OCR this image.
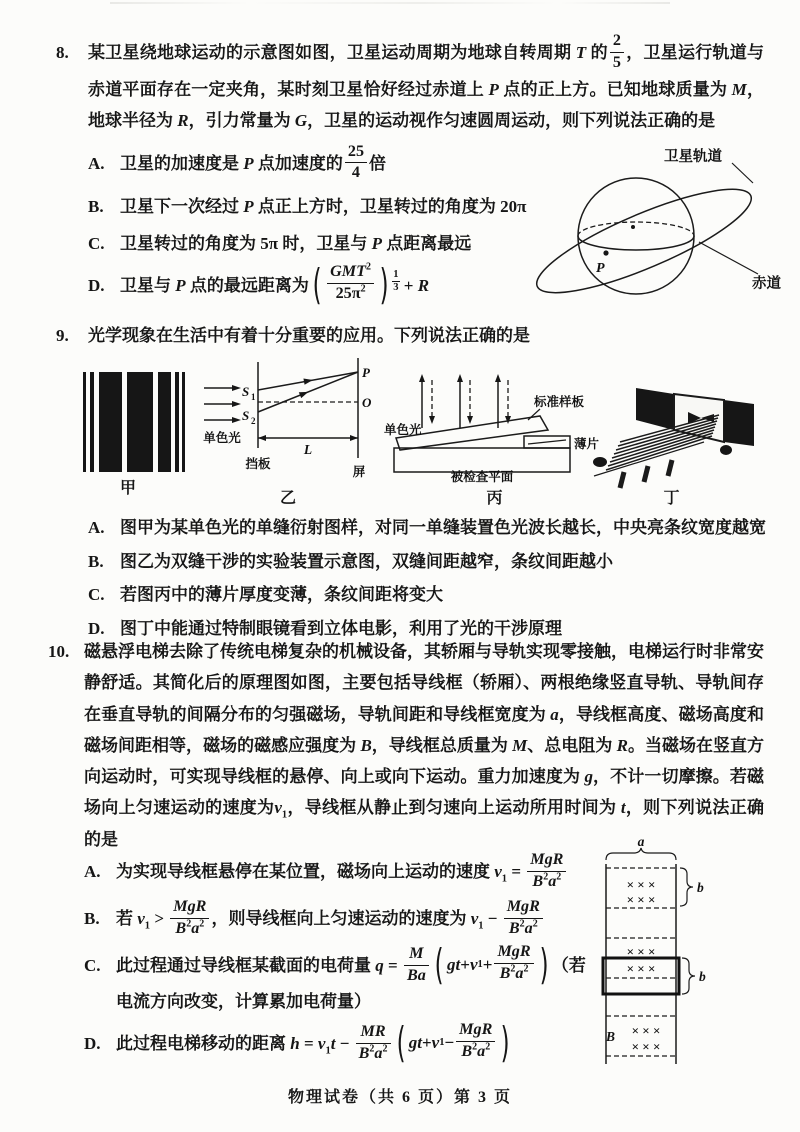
8.	某卫星绕地球运动的示意图如图，卫星运动周期为地球自转周期 T 的 $\frac{2}{5}$ ，卫星运行轨道与赤道平面存在一定夹角，某时刻卫星恰好经过赤道上 P 点的正上方。已知地球质量为 M，地球半径为 R，引力常量为 G，卫星的运动视作匀速圆周运动，则下列说法正确的是
A. 卫星的加速度是 P 点加速度的 $\frac{25}{4}$ 倍
B. 卫星下一次经过 P 点正上方时，卫星转过的角度为 20π
C. 卫星转过的角度为 5π 时，卫星与 P 点距离最远
D. 卫星与 P 点的最远距离为 ( $\frac{GMT^2}{25\pi^2}$ ) $^{\frac{1}{3}}$ + R
P
卫星轨道
赤道
9.	光学现象在生活中有着十分重要的应用。下列说法正确的是
甲
单色光
S 1
S 2
P
O
L
挡板
屏
乙
单色光
标准样板
薄片
被检查平面
丙	丁
A. 图甲为某单色光的单缝衍射图样，对同一单缝装置色光波长越长，中央亮条纹宽度越宽
B. 图乙为双缝干涉的实验装置示意图，双缝间距越窄，条纹间距越小
C. 若图丙中的薄片厚度变薄，条纹间距将变大
D. 图丁中能通过特制眼镜看到立体电影，利用了光的干涉原理
10. 磁悬浮电梯去除了传统电梯复杂的机械设备，其轿厢与导轨实现零接触，电梯运行时非常安静舒适。其简化后的原理图如图，主要包括导线框（轿厢）、两根绝缘竖直导轨、导轨间存在垂直导轨的间隔分布的匀强磁场，导轨间距和导线框宽度为 a，导线框高度、磁场高度和磁场间距相等，磁场的磁感应强度为 B，导线框总质量为 M、总电阻为 R。当磁场在竖直方向运动时，可实现导线框的悬停、向上或向下运动。重力加速度为 g，不计一切摩擦。若磁场向上匀速运动的速度为$v_1$，导线框从静止到匀速向上运动所用时间为 t，则下列说法正确的是
A. 为实现导线框悬停在某位置，磁场向上运动的速度 $v_1 = \frac{\text{MgR}}{B^2a^2}$
B. 若 $v_1 > \frac{\text{MgR}}{B^2a^2}$ ，则导线框向上匀速运动的速度为 $v_1 - \frac{\text{MgR}}{B^2a^2}$
C. 此过程通过导线框某截面的电荷量 $q = \frac{M}{Ba}$ ( gt + v $1 + \frac{\text{MgR}}{B^2a^2}$ ) （若电流方向改变，计算累加电荷量）
D. 此过程电梯移动的距离 $h = v_1t - \frac{MR}{B^2a^2}$ ( gt + v $1 - \frac{\text{MgR}}{B^2a^2}$ )
a
× × ×
× × ×
b
× × ×
× × ×
b
B × × ×
× × ×
物理试卷（共 6 页）第 3 页
